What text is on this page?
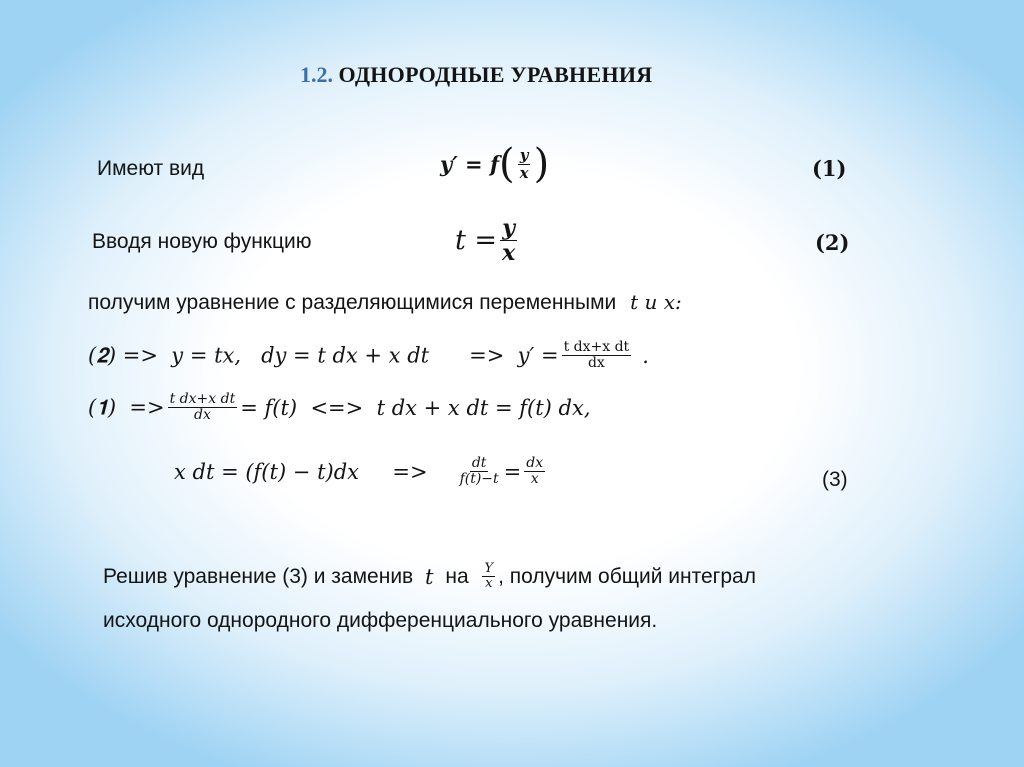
1.2. ОДНОРОДНЫЕ УРАВНЕНИЯ
Имеют вид	𝒚′ = 𝒇( $\frac{\text{𝒚}}{\text{𝒙}}$ )	(𝟏)
Вводя новую функцию	𝑡 = $\frac{\text{𝒚}}{\text{𝒙}}$	(𝟐)
получим уравнение с разделяющимися переменными 𝑡 и 𝑥:
(𝟐) =>  𝑦 = 𝑡𝑥,   𝑑𝑦 = 𝑡 𝑑𝑥 + 𝑥 𝑑𝑡      =>  $y' = \frac{\text{t dx+x dt}}{dx}$ .
(𝟏)  => $\frac{\text{𝑡 𝑑𝑥+𝑥 𝑑𝑡}}{\text{𝑑𝑥}}$ = 𝑓(𝑡)  <=>  𝑡 𝑑𝑥 + 𝑥 𝑑𝑡 = 𝑓(𝑡) 𝑑𝑥,
𝑥 𝑑𝑡 = (𝑓(𝑡) − 𝑡)𝑑𝑥     => $\frac{\text{𝑑𝑡}}{\text{𝑓(𝑡)−𝑡}} = \frac{\text{𝑑𝑥}}{\text{𝑥}}$	(3)
Решив уравнение (3) и заменив 𝑡 на $\frac{\text{𝑌}}{\text{𝑥}}$ , получим общий интеграл
исходного однородного дифференциального уравнения.
